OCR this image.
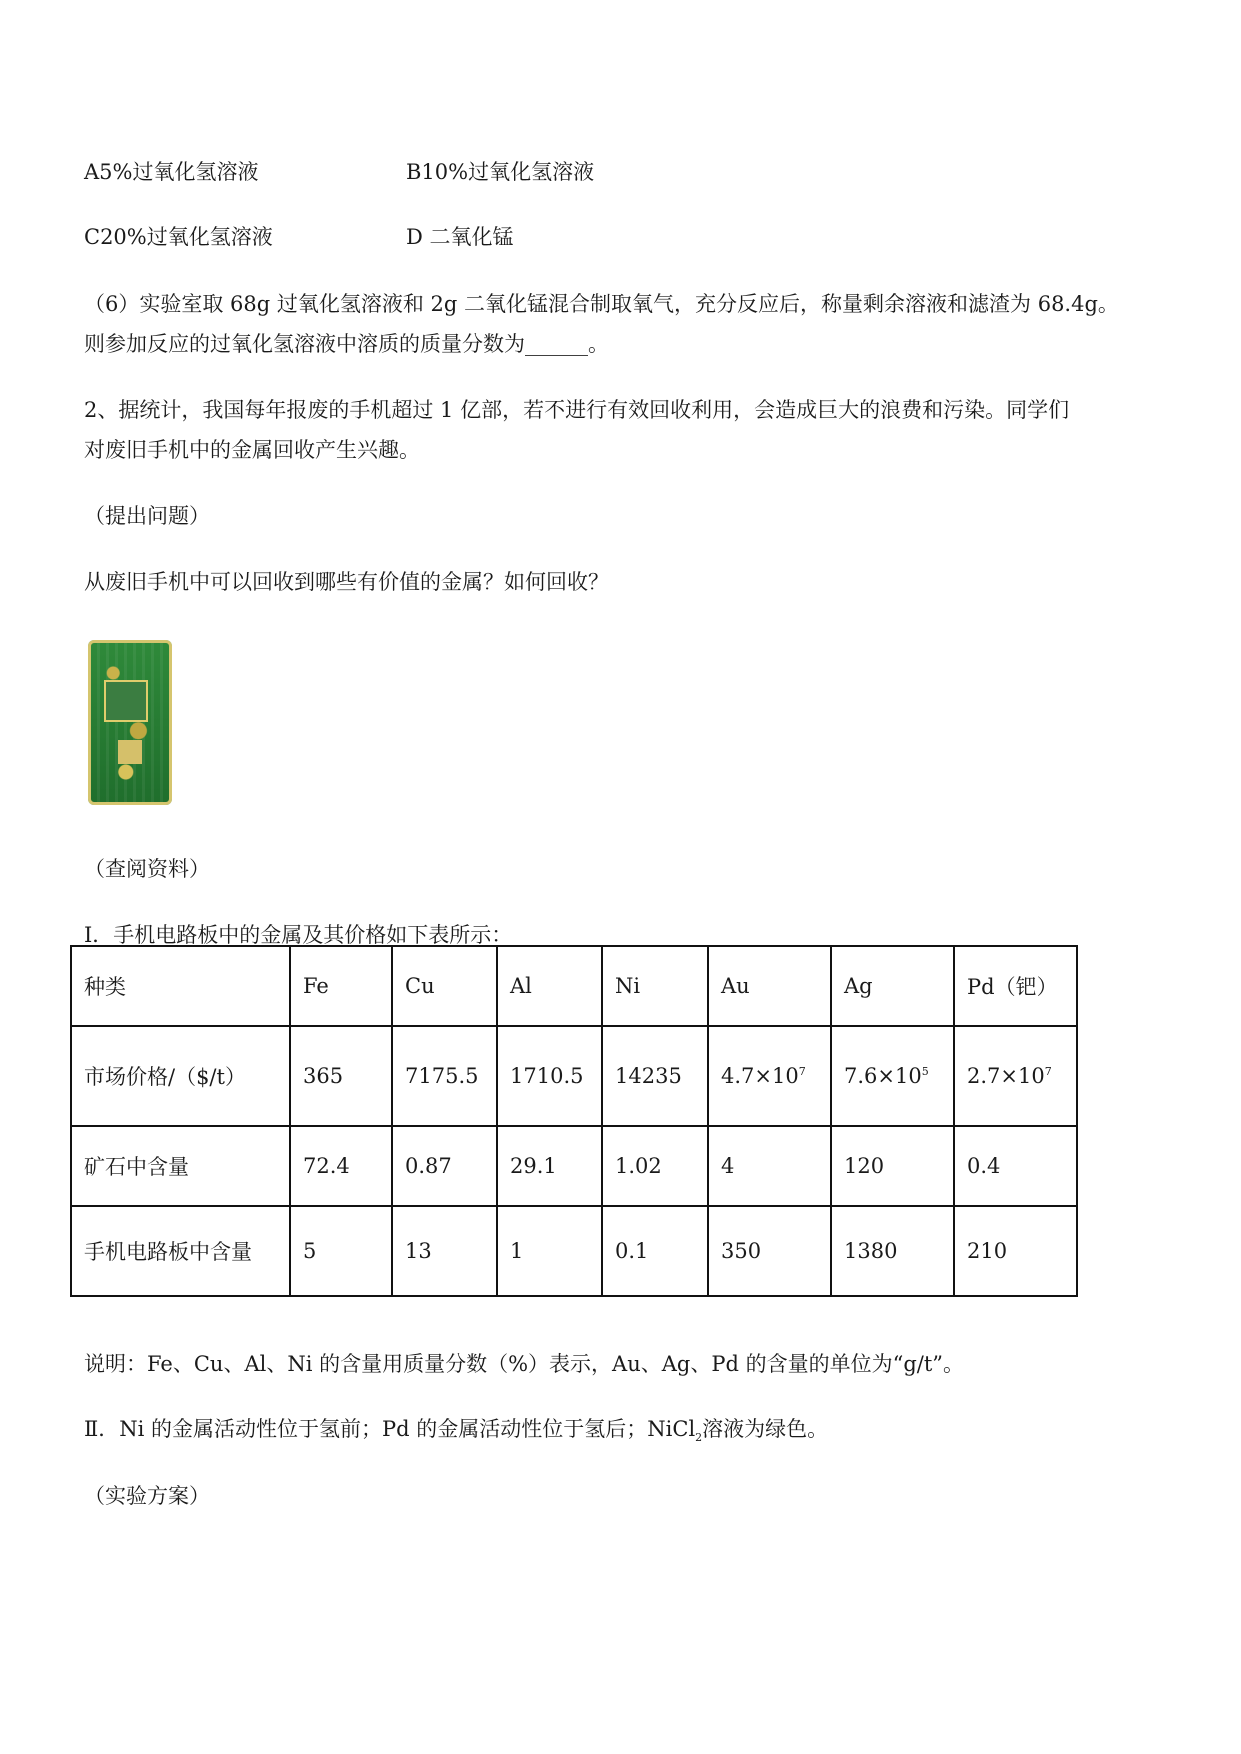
A5%过氧化氢溶液	B10%过氧化氢溶液
C20%过氧化氢溶液	D 二氧化锰
（6）实验室取 68g 过氧化氢溶液和 2g 二氧化锰混合制取氧气，充分反应后，称量剩余溶液和滤渣为 68.4g。
则参加反应的过氧化氢溶液中溶质的质量分数为______。
2、据统计，我国每年报废的手机超过 1 亿部，若不进行有效回收利用，会造成巨大的浪费和污染。同学们
对废旧手机中的金属回收产生兴趣。
（提出问题）
从废旧手机中可以回收到哪些有价值的金属？如何回收？
（查阅资料）
Ⅰ．手机电路板中的金属及其价格如下表所示：
种类	Fe	Cu	Al	Ni	Au	Ag	Pd（钯）
市场价格/（$/t）	365	7175.5	1710.5	14235	$4.7\times 10^7$	$7.6\times 10^5$	$2.7\times 10^7$
矿石中含量	72.4	0.87	29.1	1.02	4	120	0.4
手机电路板中含量	5	13	1	0.1	350	1380	210
说明：Fe、Cu、Al、Ni 的含量用质量分数（%）表示，Au、Ag、Pd 的含量的单位为“g/t”。
Ⅱ．Ni 的金属活动性位于氢前；Pd 的金属活动性位于氢后；NiCl$_2$溶液为绿色。
（实验方案）
